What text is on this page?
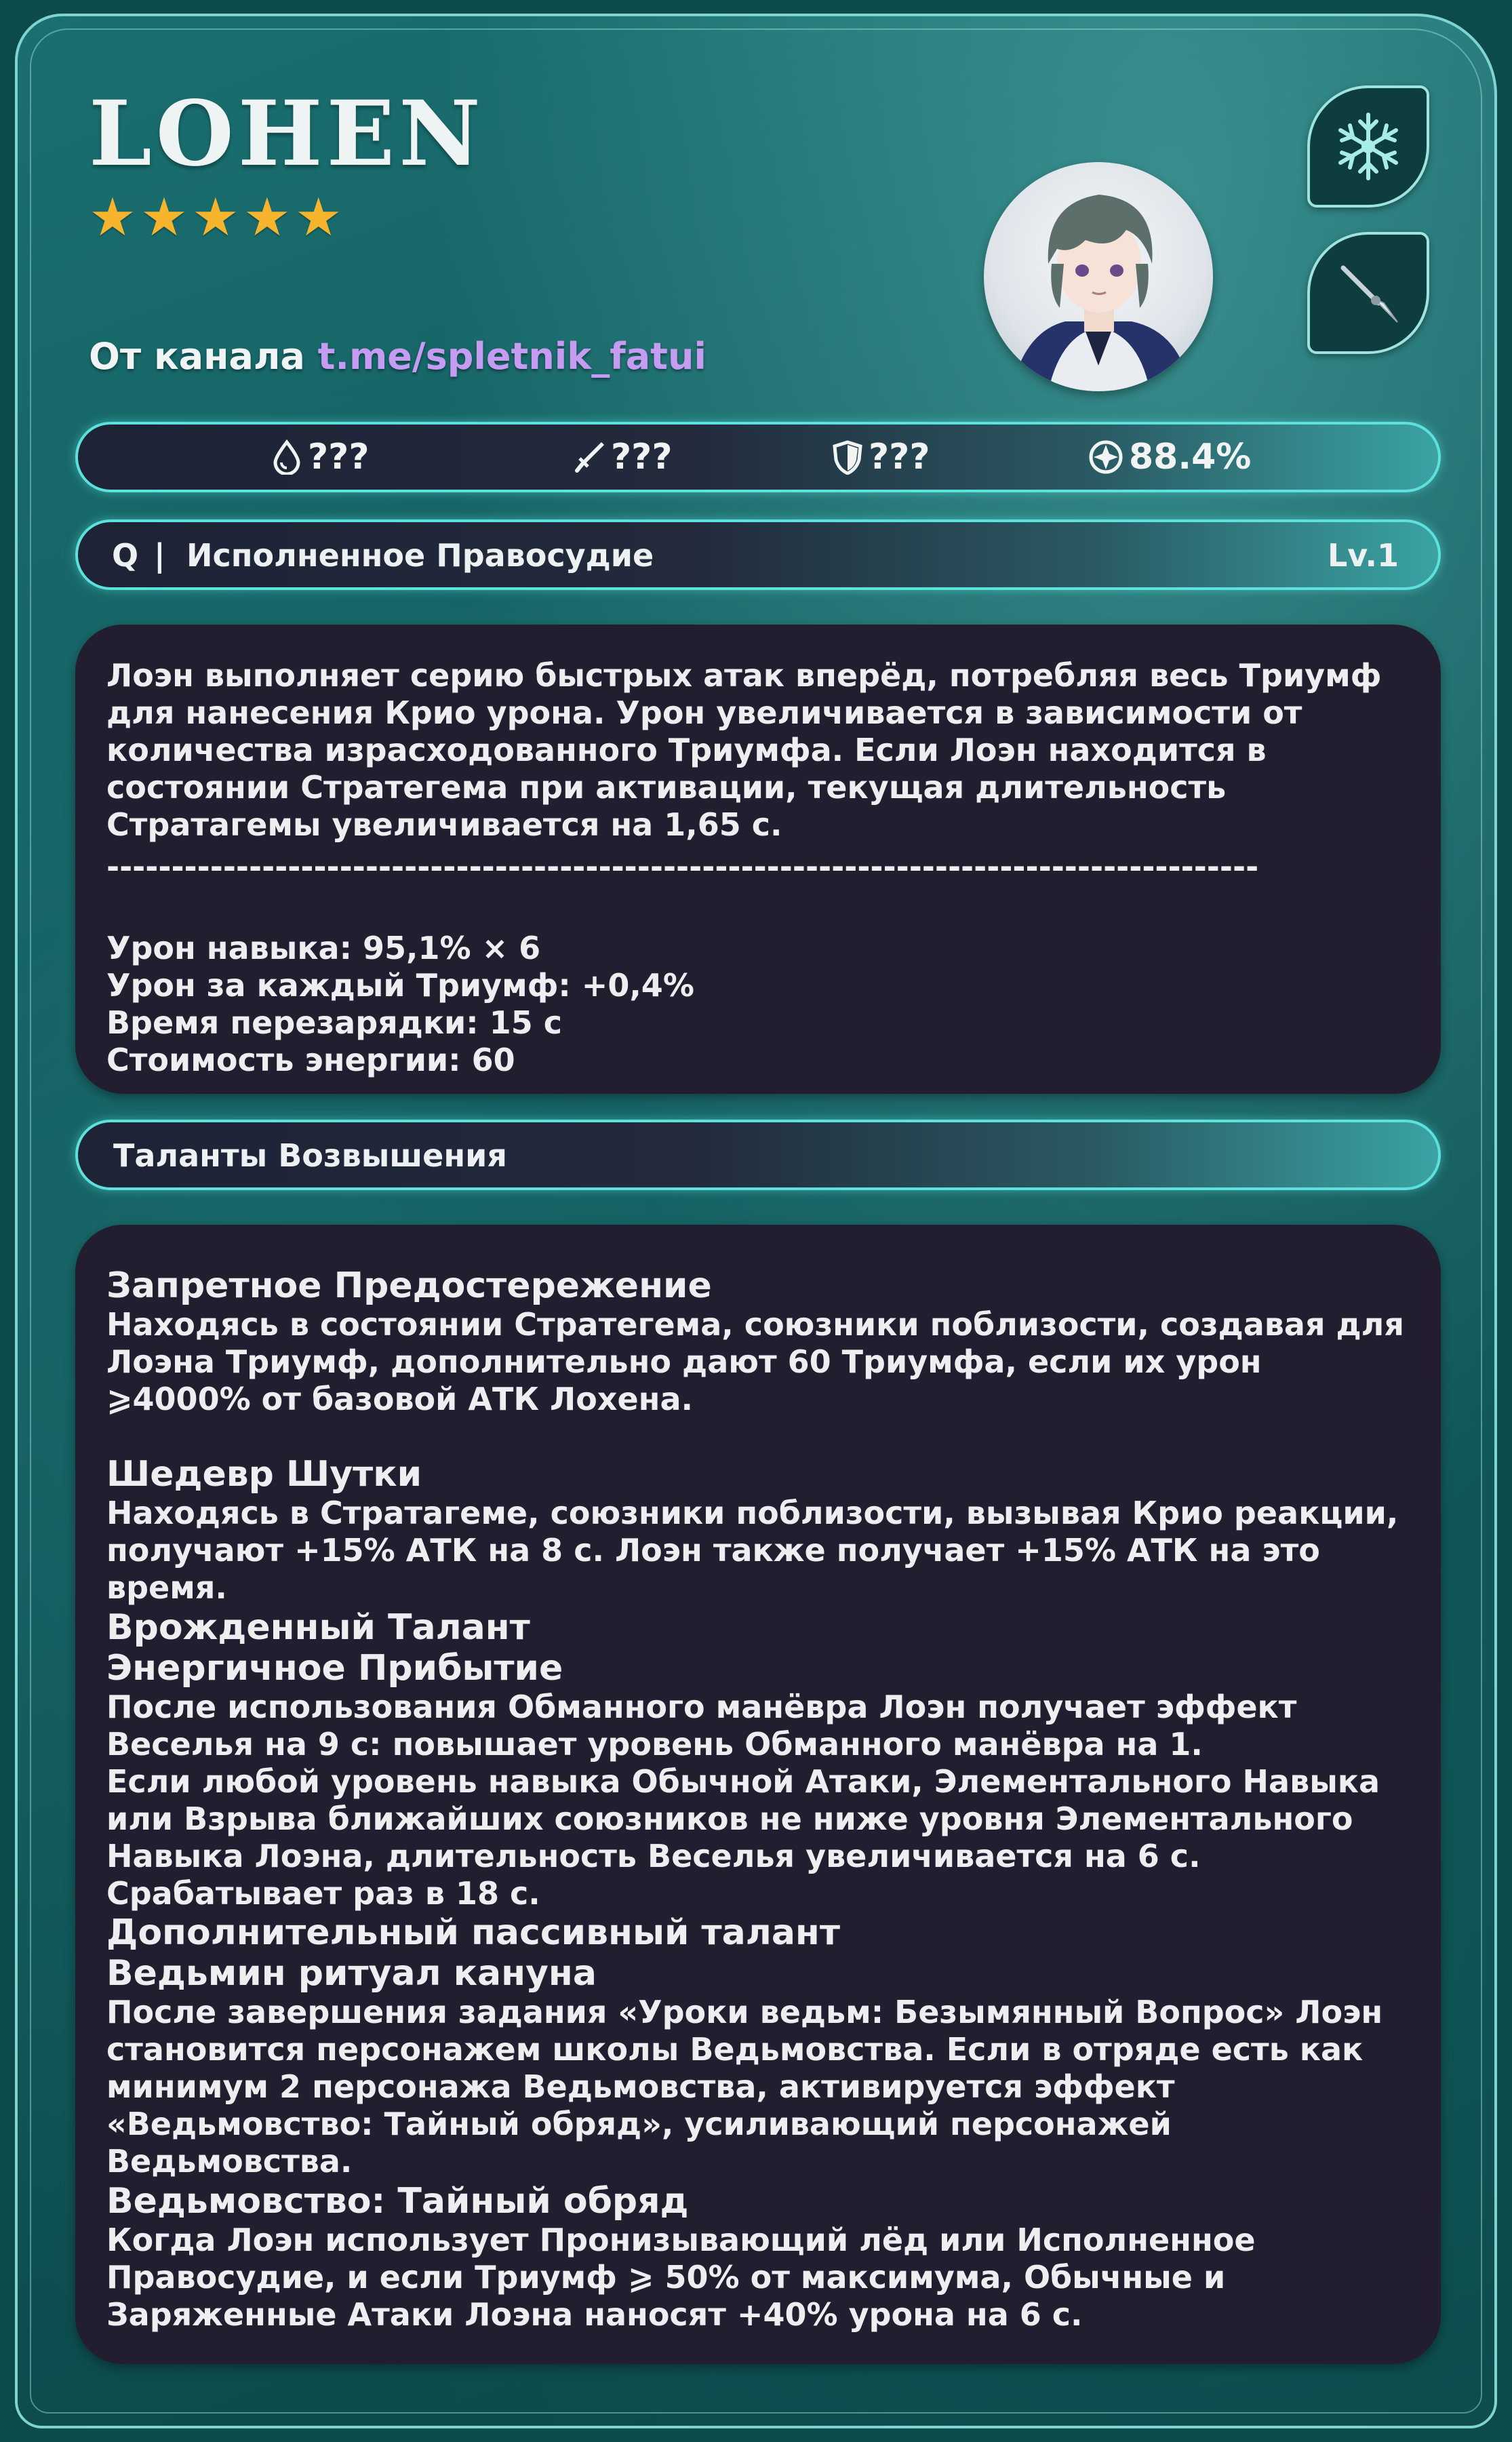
LOHEN
★ ★ ★ ★ ★
От канала t.me/spletnik_fatui
???	???	???	88.4%
Q | Исполненное Правосудие	Lv.1
Лоэн выполняет серию быстрых атак вперёд, потребляя весь Триумф для нанесения Крио урона. Урон увеличивается в зависимости от количества израсходованного Триумфа. Если Лоэн находится в состоянии Стратегема при активации, текущая длительность Стратагемы увеличивается на 1,65 с.
-----------------------------------------------------------------------------------------
Урон навыка: 95,1% × 6
Урон за каждый Триумф: +0,4%
Время перезарядки: 15 с
Стоимость энергии: 60
Таланты Возвышения
Запретное Предостережение
Находясь в состоянии Стратегема, союзники поблизости, создавая для Лоэна Триумф, дополнительно дают 60 Триумфа, если их урон ⩾4000% от базовой АТК Лохена.
Шедевр Шутки
Находясь в Стратагеме, союзники поблизости, вызывая Крио реакции, получают +15% АТК на 8 с. Лоэн также получает +15% АТК на это время.
Врожденный Талант
Энергичное Прибытие
После использования Обманного манёвра Лоэн получает эффект Веселья на 9 с: повышает уровень Обманного манёвра на 1.
Если любой уровень навыка Обычной Атаки, Элементального Навыка или Взрыва ближайших союзников не ниже уровня Элементального Навыка Лоэна, длительность Веселья увеличивается на 6 с. Срабатывает раз в 18 с.
Дополнительный пассивный талант
Ведьмин ритуал кануна
После завершения задания «Уроки ведьм: Безымянный Вопрос» Лоэн становится персонажем школы Ведьмовства. Если в отряде есть как минимум 2 персонажа Ведьмовства, активируется эффект «Ведьмовство: Тайный обряд», усиливающий персонажей Ведьмовства.
Ведьмовство: Тайный обряд
Когда Лоэн использует Пронизывающий лёд или Исполненное Правосудие, и если Триумф ⩾ 50% от максимума, Обычные и Заряженные Атаки Лоэна наносят +40% урона на 6 с.
